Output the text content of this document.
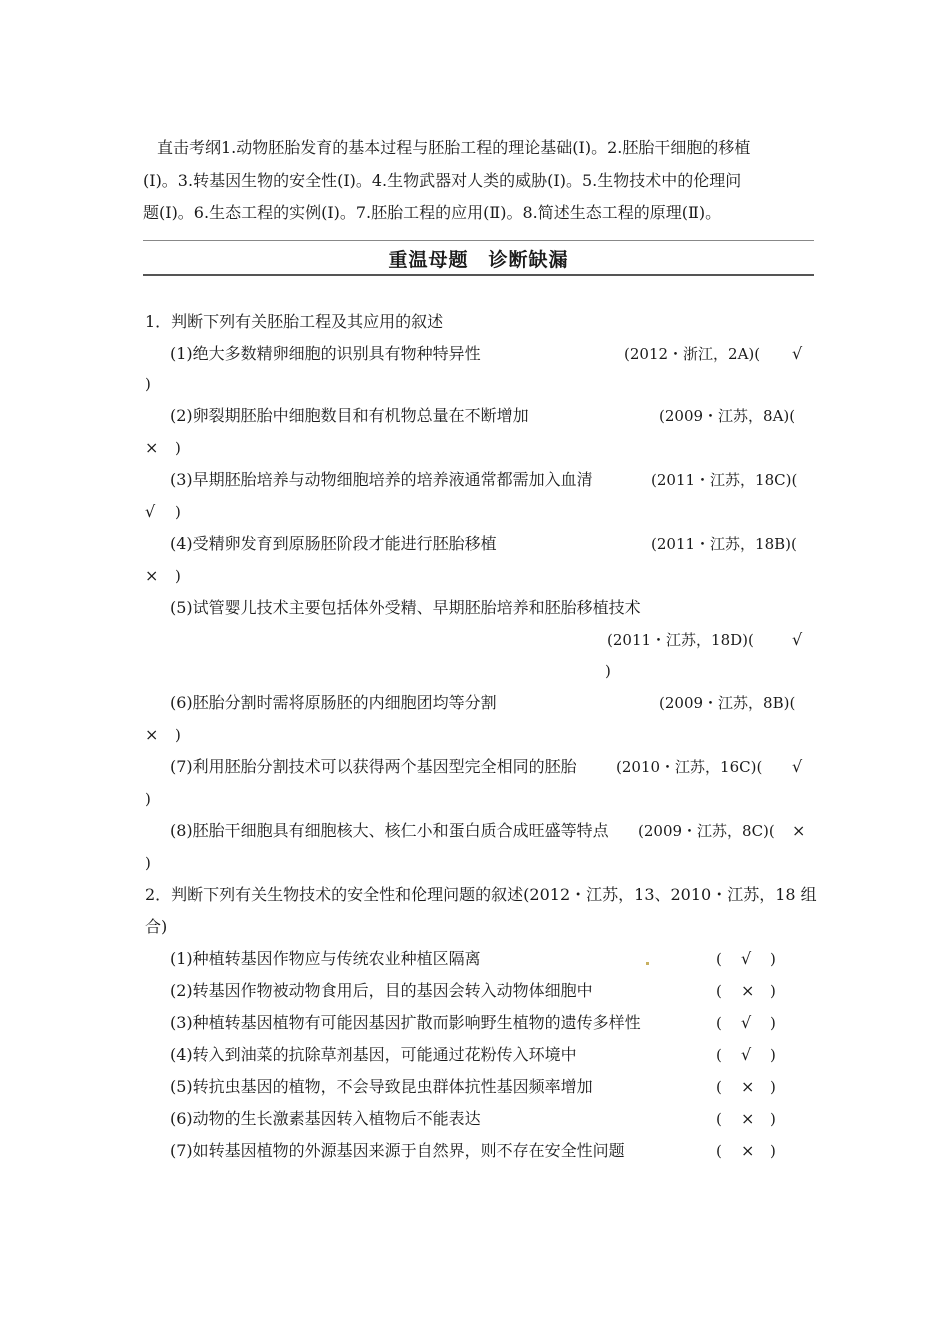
直击考纲1.动物胚胎发育的基本过程与胚胎工程的理论基础(Ⅰ)。2.胚胎干细胞的移植
(Ⅰ)。3.转基因生物的安全性(Ⅰ)。4.生物武器对人类的威胁(Ⅰ)。5.生物技术中的伦理问
题(Ⅰ)。6.生态工程的实例(Ⅰ)。7.胚胎工程的应用(Ⅱ)。8.简述生态工程的原理(Ⅱ)。
重温母题　诊断缺漏
1．判断下列有关胚胎工程及其应用的叙述
(1)绝大多数精卵细胞的识别具有物种特异性	(2012・浙江，2A)( √
)
(2)卵裂期胚胎中细胞数目和有机物总量在不断增加	(2009・江苏，8A)(
× )
(3)早期胚胎培养与动物细胞培养的培养液通常都需加入血清	(2011・江苏，18C)(
√ )
(4)受精卵发育到原肠胚阶段才能进行胚胎移植	(2011・江苏，18B)(
× )
(5)试管婴儿技术主要包括体外受精、早期胚胎培养和胚胎移植技术
(2011・江苏，18D)( √
)
(6)胚胎分割时需将原肠胚的内细胞团均等分割	(2009・江苏，8B)(
× )
(7)利用胚胎分割技术可以获得两个基因型完全相同的胚胎	(2010・江苏，16C)( √
)
(8)胚胎干细胞具有细胞核大、核仁小和蛋白质合成旺盛等特点 (2009・江苏，8C)( ×
)
2．判断下列有关生物技术的安全性和伦理问题的叙述(2012・江苏，13、2010・江苏，18 组
合)
(1)种植转基因作物应与传统农业种植区隔离	( √ )
(2)转基因作物被动物食用后，目的基因会转入动物体细胞中	( × )
(3)种植转基因植物有可能因基因扩散而影响野生植物的遗传多样性	( √ )
(4)转入到油菜的抗除草剂基因，可能通过花粉传入环境中	( √ )
(5)转抗虫基因的植物，不会导致昆虫群体抗性基因频率增加	( × )
(6)动物的生长激素基因转入植物后不能表达	( × )
(7)如转基因植物的外源基因来源于自然界，则不存在安全性问题	( × )
